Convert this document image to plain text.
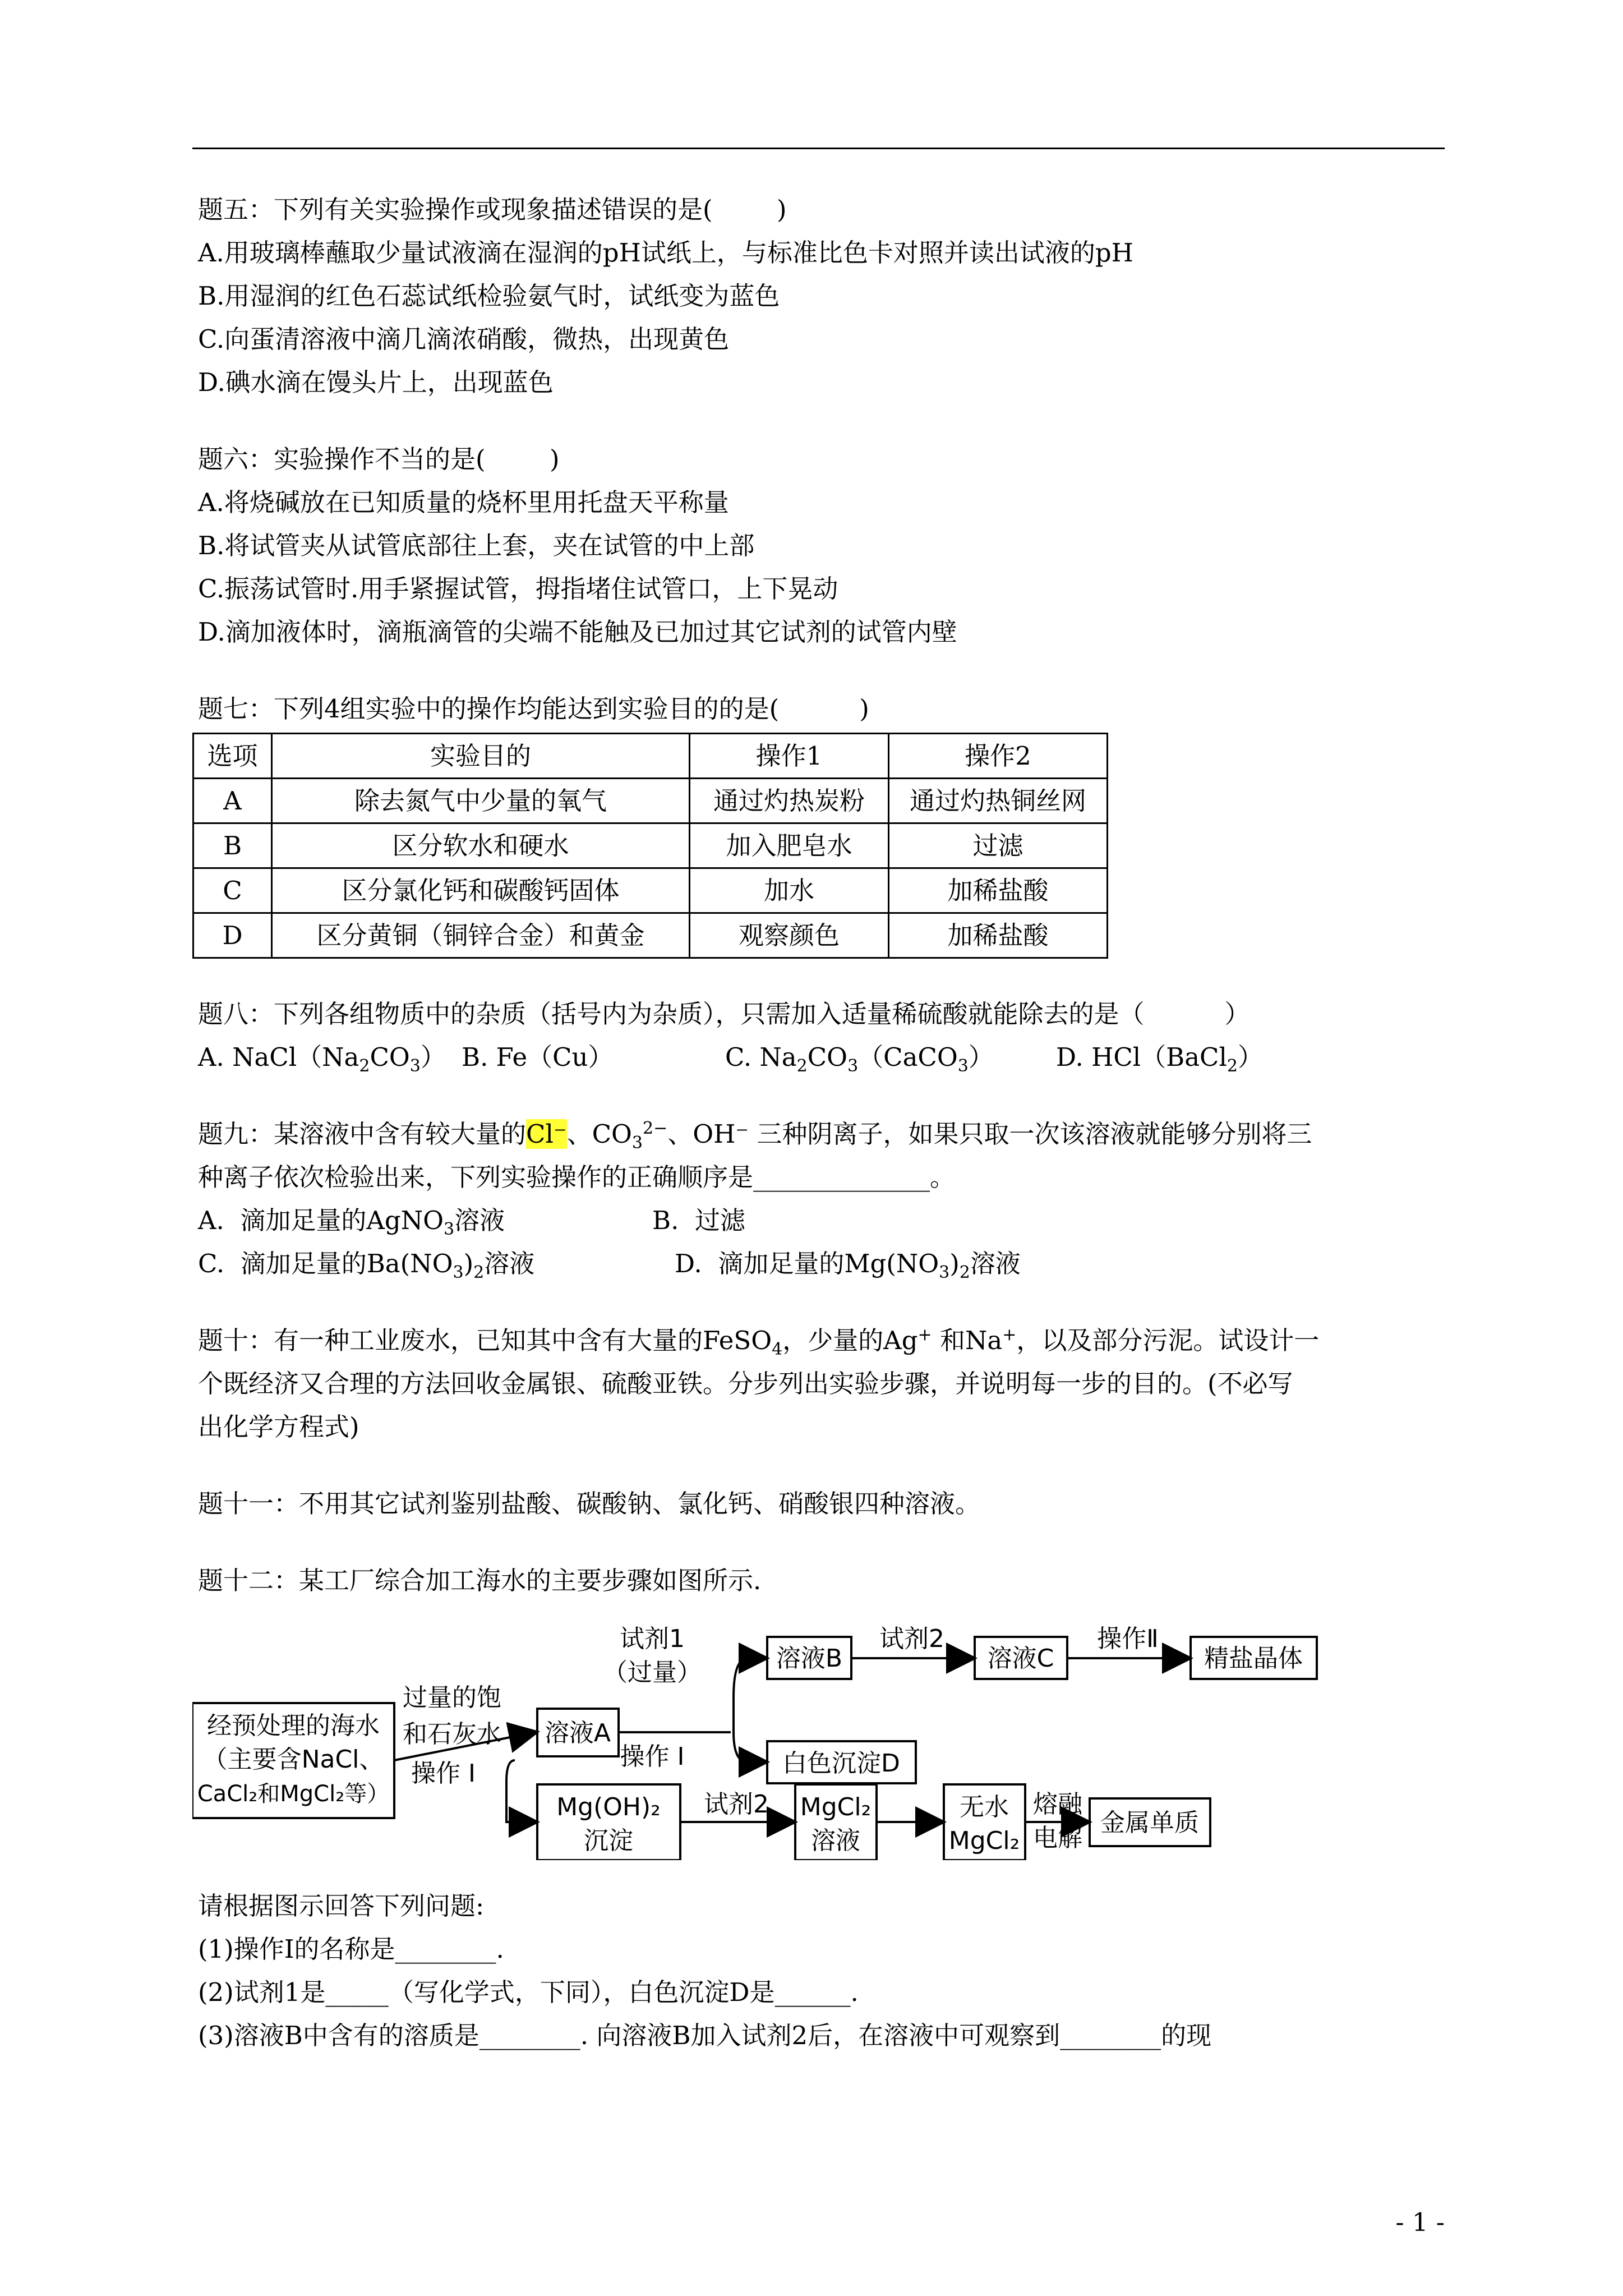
题五：下列有关实验操作或现象描述错误的是(        )

A.用玻璃棒蘸取少量试液滴在湿润的pH试纸上，与标准比色卡对照并读出试液的pH

B.用湿润的红色石蕊试纸检验氨气时，试纸变为蓝色

C.向蛋清溶液中滴几滴浓硝酸，微热，出现黄色

D.碘水滴在馒头片上，出现蓝色

题六：实验操作不当的是(        )

A.将烧碱放在已知质量的烧杯里用托盘天平称量

B.将试管夹从试管底部往上套，夹在试管的中上部

C.振荡试管时.用手紧握试管，拇指堵住试管口，上下晃动

D.滴加液体时，滴瓶滴管的尖端不能触及已加过其它试剂的试管内壁

题七：下列4组实验中的操作均能达到实验目的的是(          )

选项	实验目的	操作1	操作2
A	除去氮气中少量的氧气	通过灼热炭粉	通过灼热铜丝网
B	区分软水和硬水	加入肥皂水	过滤
C	区分氯化钙和碳酸钙固体	加水	加稀盐酸
D	区分黄铜（铜锌合金）和黄金	观察颜色	加稀盐酸

题八：下列各组物质中的杂质（括号内为杂质），只需加入适量稀硫酸就能除去的是（          ）

A. $NaCl(Na_2CO_3)$ B. Fe（Cu）	C. $Na_2CO_3(CaCO_3)$ D. HCl（BaCl$_2$）

题九：某溶液中含有较大量的Cl⁻、$CO_3^{2-}$、OH⁻ 三种阴离子，如果只取一次该溶液就能够分别将三

种离子依次检验出来，下列实验操作的正确顺序是______________。

A.  滴加足量的AgNO$_3$溶液	B.  过滤

C.  滴加足量的$Ba(NO_3)_2$溶液	D.  滴加足量的$Mg(NO_3)_2$溶液

题十：有一种工业废水，已知其中含有大量的FeSO$_4$，少量的Ag+ 和Na+，以及部分污泥。试设计一

个既经济又合理的方法回收金属银、硫酸亚铁。分步列出实验步骤，并说明每一步的目的。(不必写

出化学方程式)

题十一：不用其它试剂鉴别盐酸、碳酸钠、氯化钙、硝酸银四种溶液。

题十二：某工厂综合加工海水的主要步骤如图所示.

经预处理的海水
（主要含NaCl、
CaCl₂和MgCl₂等）
过量的饱
和石灰水
操作 I
溶液A
试剂1
（过量）
操作 I
溶液B
白色沉淀D
试剂2
溶液C
操作Ⅱ
精盐晶体
Mg(OH)₂
沉淀
试剂2 MgCl₂
溶液
无水
MgCl₂
熔融
电解
金属单质

请根据图示回答下列问题:

(1)操作I的名称是________.

(2)试剂1是_____（写化学式，下同），白色沉淀D是______.

(3)溶液B中含有的溶质是________. 向溶液B加入试剂2后，在溶液中可观察到________的现

- 1 -
